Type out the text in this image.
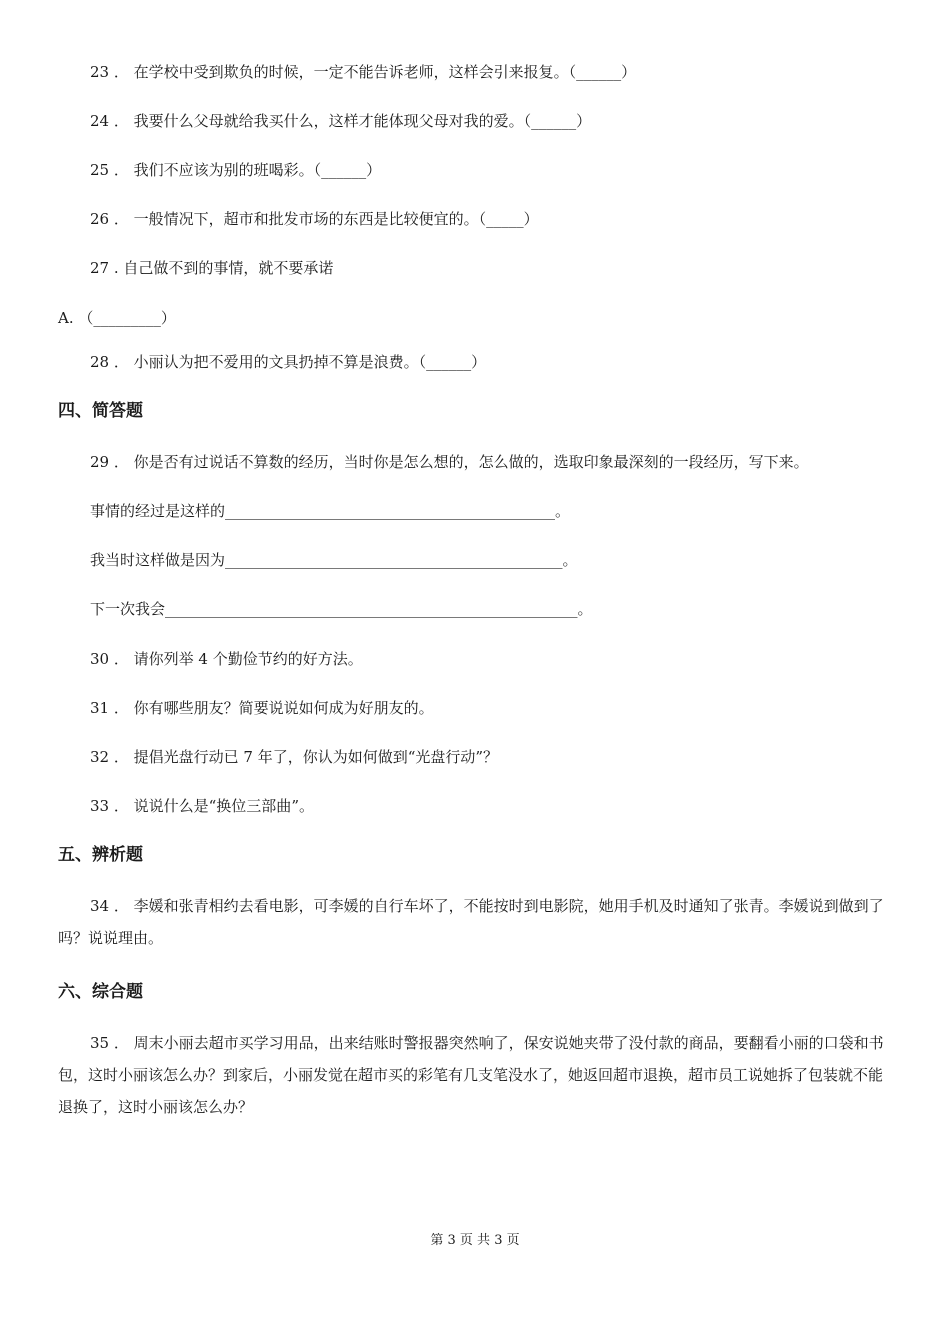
23 ． 在学校中受到欺负的时候，一定不能告诉老师，这样会引来报复。（______）
24 ． 我要什么父母就给我买什么，这样才能体现父母对我的爱。（______）
25 ． 我们不应该为别的班喝彩。（______）
26 ． 一般情况下，超市和批发市场的东西是比较便宜的。（_____）
27 . 自己做不到的事情，就不要承诺
A. （_________）
28 ． 小丽认为把不爱用的文具扔掉不算是浪费。（______）
四、简答题
29 ． 你是否有过说话不算数的经历，当时你是怎么想的，怎么做的，选取印象最深刻的一段经历，写下来。
事情的经过是这样的____________________________________________。
我当时这样做是因为_____________________________________________。
下一次我会_______________________________________________________。
30 ． 请你列举 4 个勤俭节约的好方法。
31 ． 你有哪些朋友？简要说说如何成为好朋友的。
32 ． 提倡光盘行动已 7 年了，你认为如何做到“光盘行动”？
33 ． 说说什么是“换位三部曲”。
五、辨析题
34 ． 李媛和张青相约去看电影，可李媛的自行车坏了，不能按时到电影院，她用手机及时通知了张青。李媛说到做到了吗？说说理由。
六、综合题
35 ． 周末小丽去超市买学习用品，出来结账时警报器突然响了，保安说她夹带了没付款的商品，要翻看小丽的口袋和书包，这时小丽该怎么办？到家后，小丽发觉在超市买的彩笔有几支笔没水了，她返回超市退换，超市员工说她拆了包装就不能退换了，这时小丽该怎么办？
第 3 页 共 3 页
